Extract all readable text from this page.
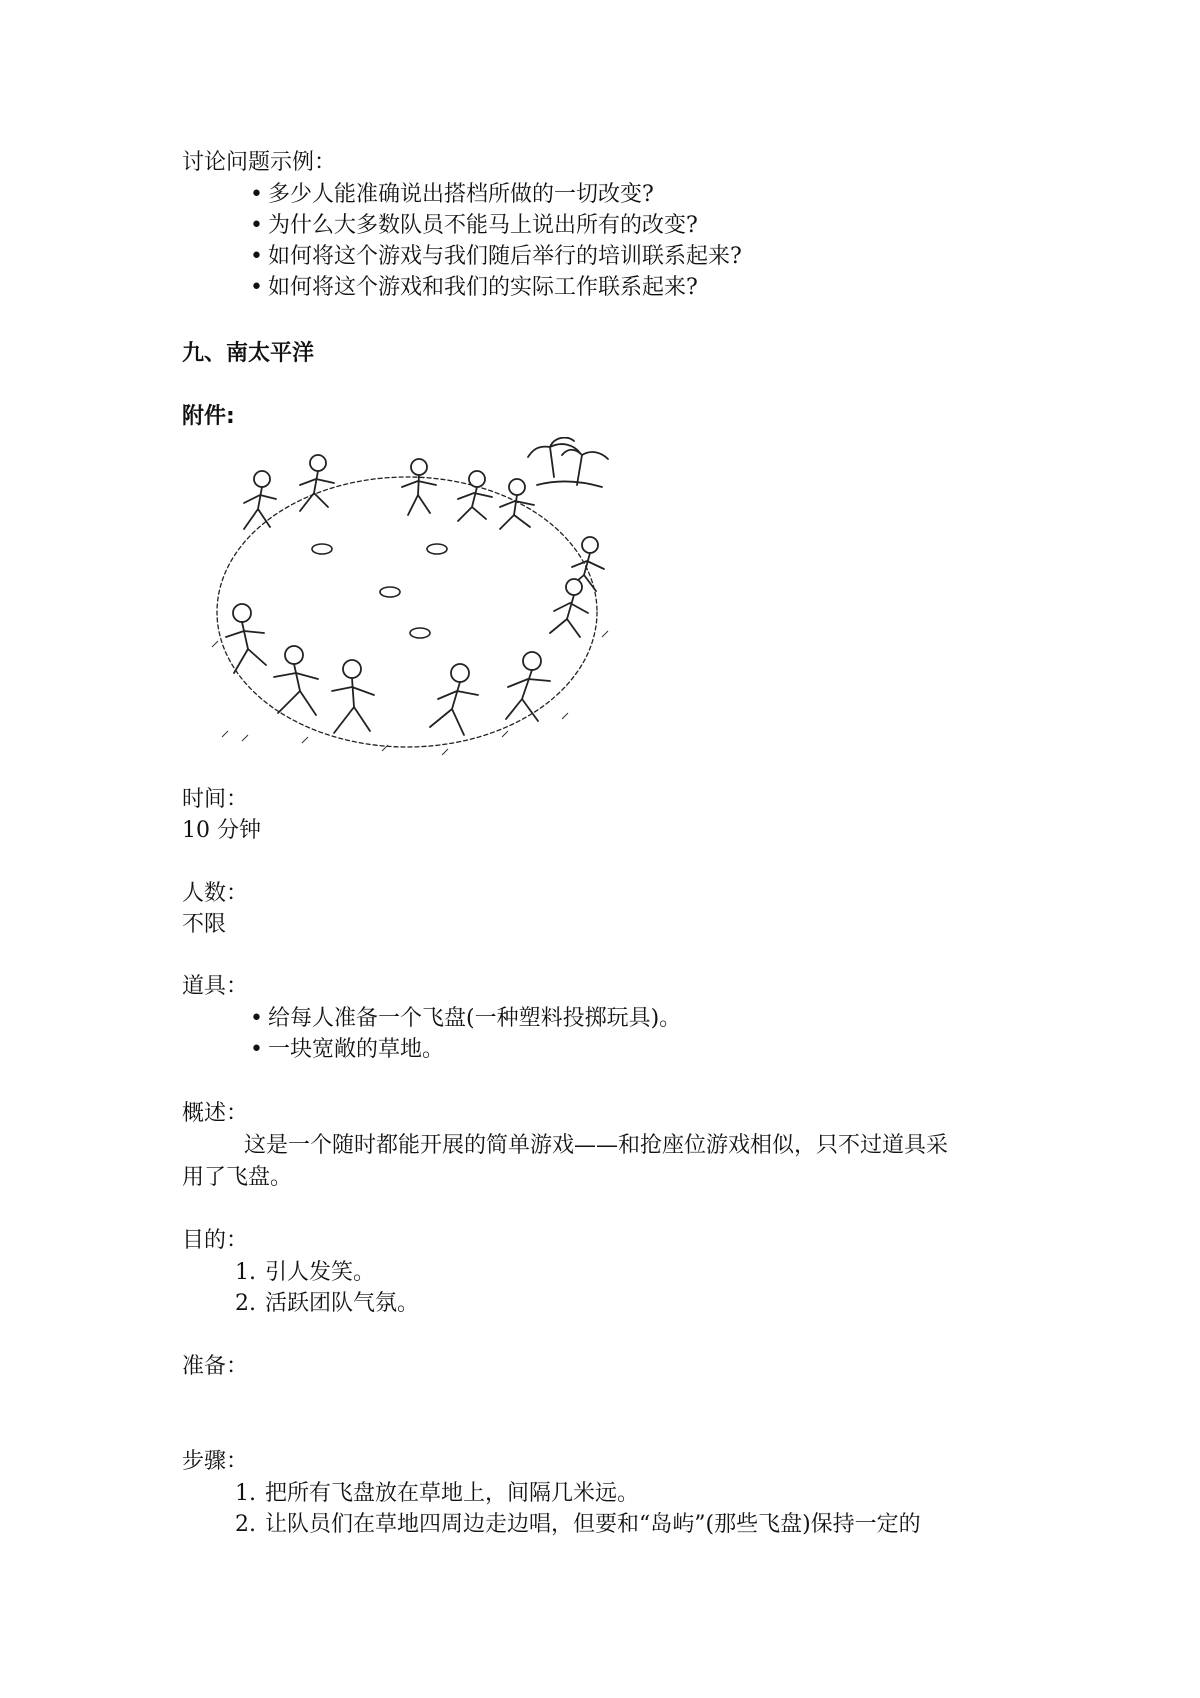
讨论问题示例：
• 多少人能准确说出搭档所做的一切改变?
• 为什么大多数队员不能马上说出所有的改变?
• 如何将这个游戏与我们随后举行的培训联系起来?
• 如何将这个游戏和我们的实际工作联系起来?
九、南太平洋
附件:
时间：
10 分钟
人数：
不限
道具：
• 给每人准备一个飞盘(一种塑料投掷玩具)。
• 一块宽敞的草地。
概述：
这是一个随时都能开展的简单游戏——和抢座位游戏相似，只不过道具采
用了飞盘。
目的：
1. 引人发笑。
2. 活跃团队气氛。
准备：
步骤：
1. 把所有飞盘放在草地上，间隔几米远。
2. 让队员们在草地四周边走边唱，但要和“岛屿”(那些飞盘)保持一定的
